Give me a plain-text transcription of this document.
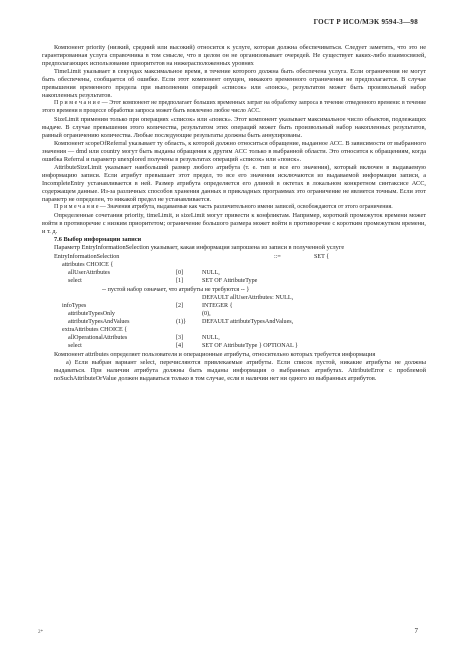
ГОСТ Р ИСО/МЭК 9594-3—98

Компонент priority (низкий, средний или высокий) относится к услуге, которая должна обеспечиваться. Следует заметить, что это не гарантированная услуга справочника в том смысле, что в целом он не организовывает очередей. Не существует каких-либо взаимосвязей, предполагающих использование приоритетов на нижерасположенных уровнях

TimeLimit указывает в секундах максимальное время, в течение которого должна быть обеспечена услуга. Если ограничения не могут быть обеспечены, сообщается об ошибке. Если этот компонент опущен, никакого временного ограничения не предполагается. В случае превышения временного предела при выполнении операций «список» или «поиск», результатом может быть произвольный набор накопленных результатов.

П р и м е ч а н и е — Этот компонент не предполагает больших временных затрат на обработку запроса в течение отведенного времени: в течение этого времени в процессе обработки запроса может быть вовлечено любое число АСС.

SizeLimit применим только при операциях «список» или «поиск». Этот компонент указывает максимальное число объектов, подлежащих выдаче. В случае превышения этого количества, результатом этих операций может быть произвольный набор накопленных результатов, равный ограничению количества. Любые последующие результаты должны быть аннулированы.

Компонент scopeOfReferral указывает ту область, к которой должно относиться обращение, выданное АСС. В зависимости от выбранного значения — dmd или country могут быть выданы обращения к другим АСС только в выбранной области. Это относится к обращениям, когда ошибка Referral и параметр unexplored получены в результатах операций «список» или «поиск».

AttributeSizeLimit указывает наибольший размер любого атрибута (т. е. тип и все его значения), который включен в выдаваемую информацию записи. Если атрибут превышает этот предел, то все его значения исключаются из выдаваемой информации записи, а IncompleteEntry устанавливается в ней. Размер атрибута определяется его длиной в октетах в локальном конкретном синтаксисе АСС, содержащем данные. Из-за различных способов хранения данных в прикладных программах это ограничение не является точным. Если этот параметр не определен, то никакой предел не устанавливается.

П р и м е ч а н и е — Значения атрибута, выдаваемые как часть различительного имени записей, освобождаются от этого ограничения.

Определенные сочетания priority, timeLimit, и sizeLimit могут привести к конфликтам. Например, короткий промежуток времени может войти в противоречие с низким приоритетом; ограничение большого размера может войти в противоречие с коротким промежутком времени, и т. д.

7.6 Выбор информации записи

Параметр EntryInformationSelection указывает, какая информация запрошена из записи в полученной услуге

EntryInformationSelection	::=	SET {
attributes CHOICE {
allUserAttributes	[0]	NULL,
select	[1]	SET OF AttributeType
-- пустой набор означает, что атрибуты не требуются -- }
DEFAULT allUserAttributes: NULL,
infoTypes	[2]	INTEGER {
attributeTypesOnly	(0),
attributeTypesAndValues	(1)}	DEFAULT attributeTypesAndValues,
extraAttributes CHOICE {
allOperationalAttributes	[3]	NULL,
select	[4]	SET OF AttributeType } OPTIONAL }

Компонент attributes определяет пользователя и операционные атрибуты, относительно которых требуется информация

a) Если выбран вариант select, перечисляются привлекаемые атрибуты. Если список пустой, никакие атрибуты не должны выдаваться. При наличии атрибута должны быть выданы информация о выбранных атрибутах. AttributeError с проблемой noSuchAttributeOrValue должен выдаваться только в том случае, если в наличии нет ни одного из выбранных атрибутов.

2*	7
